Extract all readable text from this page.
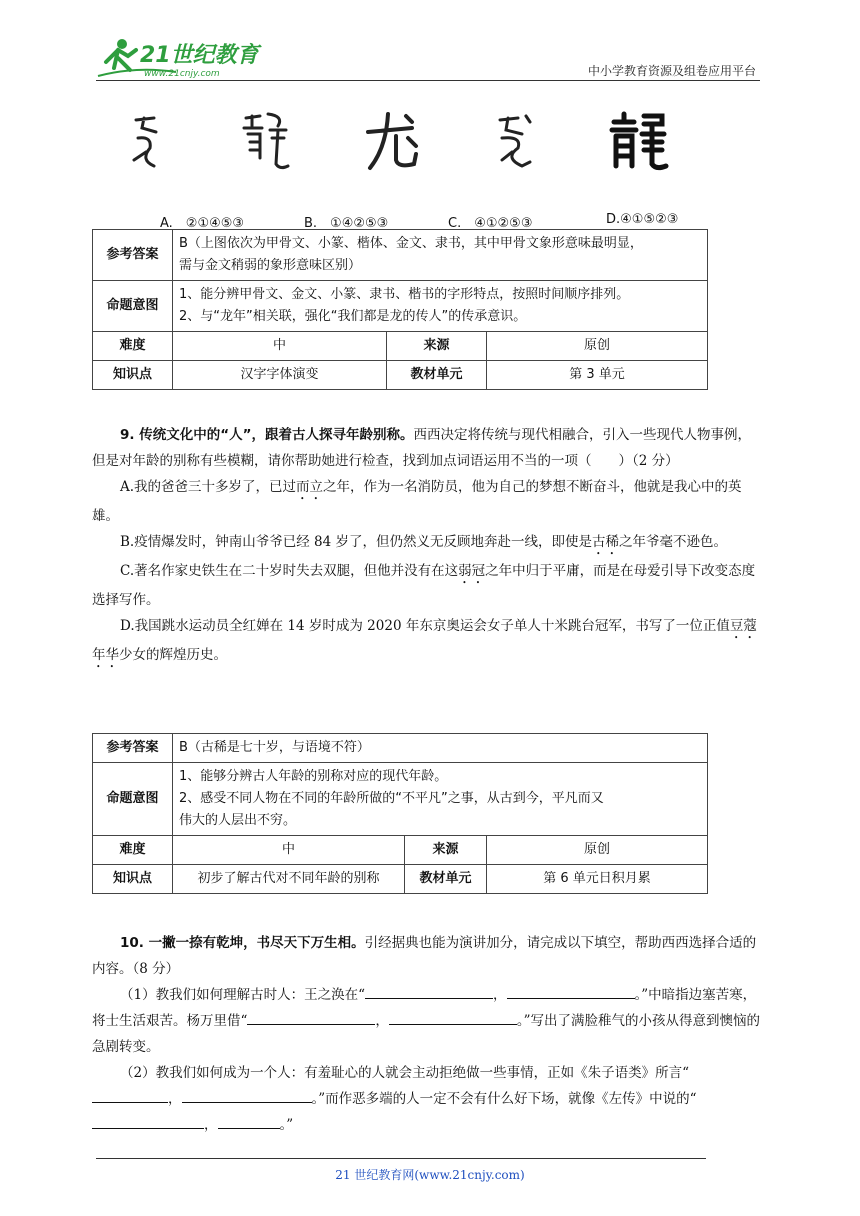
21世纪教育
www.21cnjy.com	中小学教育资源及组卷应用平台
A.　②①④⑤③	B.　①④②⑤③	C.　④①②⑤③	D.④①⑤②③
参考答案	B（上图依次为甲骨文、小篆、楷体、金文、隶书，其中甲骨文象形意味最明显，
需与金文稍弱的象形意味区别）		

命题意图	1、能分辨甲骨文、金文、小篆、隶书、楷书的字形特点，按照时间顺序排列。
2、与“龙年”相关联，强化“我们都是龙的传人”的传承意识。		

难度	中	来源	原创
知识点	汉字字体演变	教材单元	第 3 单元

9. 传统文化中的“人”，跟着古人探寻年龄别称。西西决定将传统与现代相融合，引入一些现代人物事例，但是对年龄的别称有些模糊，请你帮助她进行检查，找到加点词语运用不当的一项（　　）（2 分）

A.我的爸爸三十多岁了，已过而立之年，作为一名消防员，他为自己的梦想不断奋斗，他就是我心中的英雄。

B.疫情爆发时，钟南山爷爷已经 84 岁了，但仍然义无反顾地奔赴一线，即使是古稀之年爷毫不逊色。

C.著名作家史铁生在二十岁时失去双腿，但他并没有在这弱冠之年中归于平庸，而是在母爱引导下改变态度选择写作。

D.我国跳水运动员全红婵在 14 岁时成为 2020 年东京奥运会女子单人十米跳台冠军，书写了一位正值豆蔻年华少女的辉煌历史。

参考答案	B（古稀是七十岁，与语境不符）		
命题意图	1、能够分辨古人年龄的别称对应的现代年龄。
2、感受不同人物在不同的年龄所做的“不平凡”之事，从古到今，平凡而又
伟大的人层出不穷。		

难度	中	来源	原创
知识点	初步了解古代对不同年龄的别称	教材单元	第 6 单元日积月累

10. 一撇一捺有乾坤，书尽天下万生相。引经据典也能为演讲加分，请完成以下填空，帮助西西选择合适的内容。（8 分）

（1）教我们如何理解古时人：王之涣在“	，	。”中暗指边塞苦寒，将士生活艰苦。杨万里借“	，	。”写出了满脸稚气的小孩从得意到懊恼的急剧转变。

（2）教我们如何成为一个人：有羞耻心的人就会主动拒绝做一些事情，正如《朱子语类》所言“，	。”而作恶多端的人一定不会有什么好下场，就像《左传》中说的“，	。”

21 世纪教育网(www.21cnjy.com)
